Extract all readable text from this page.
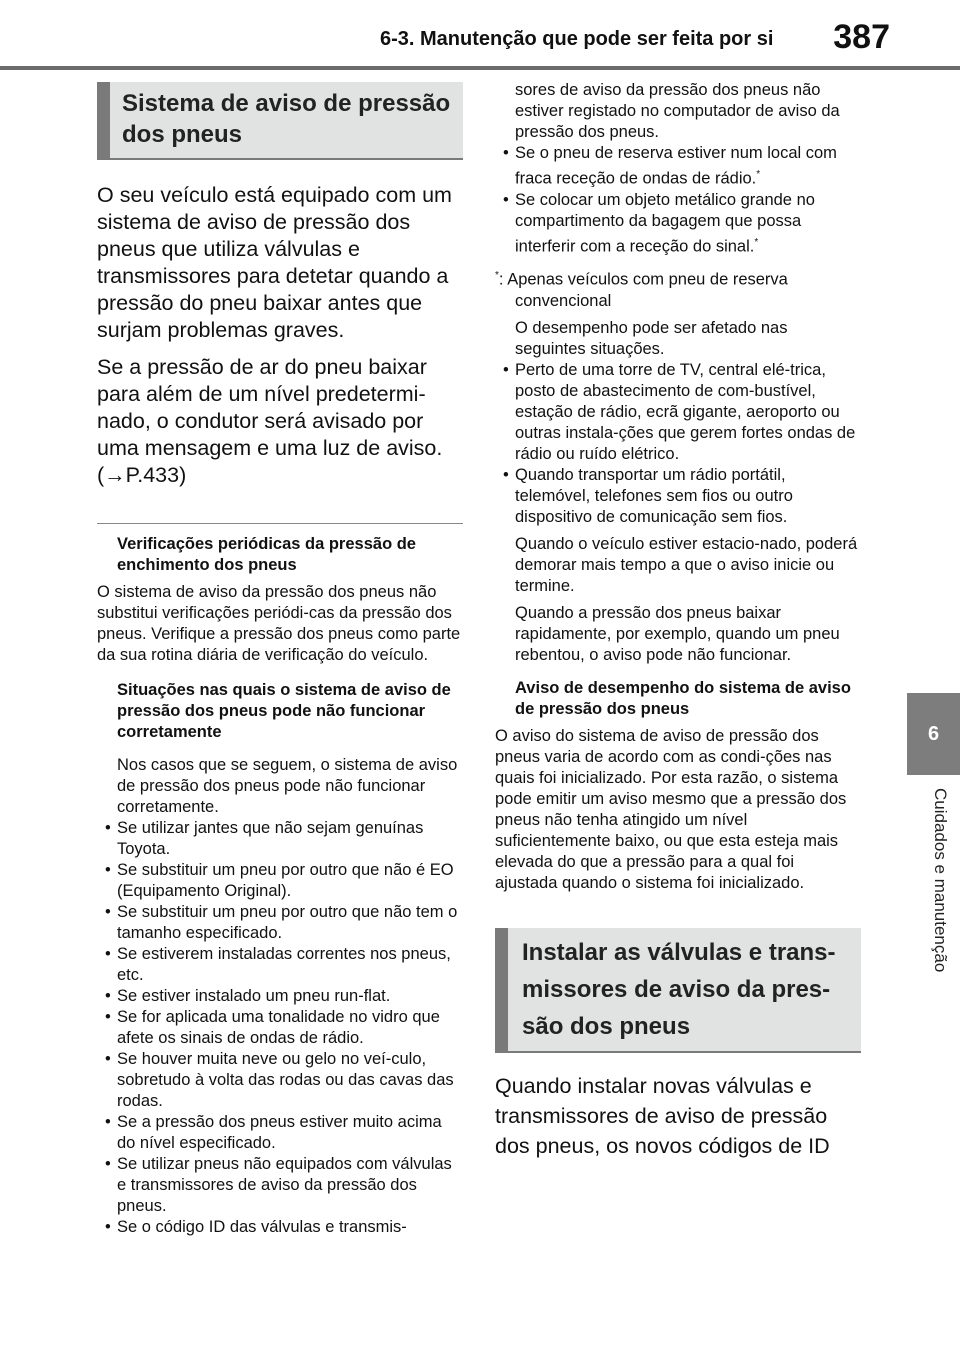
6-3. Manutenção que pode ser feita por si 387
6
Cuidados e manutenção
Sistema de aviso de pressão dos pneus

O seu veículo está equipado com um sistema de aviso de pressão dos pneus que utiliza válvulas e transmissores para detetar quando a pressão do pneu baixar antes que surjam problemas graves.

Se a pressão de ar do pneu baixar para além de um nível predetermi-nado, o condutor será avisado por uma mensagem e uma luz de aviso. (→P.433)

Verificações periódicas da pressão de enchimento dos pneus

O sistema de aviso da pressão dos pneus não substitui verificações periódi-cas da pressão dos pneus. Verifique a pressão dos pneus como parte da sua rotina diária de verificação do veículo.

Situações nas quais o sistema de aviso de pressão dos pneus pode não funcionar corretamente

Nos casos que se seguem, o sistema de aviso de pressão dos pneus pode não funcionar corretamente.

• Se utilizar jantes que não sejam genuínas Toyota.
• Se substituir um pneu por outro que não é EO (Equipamento Original).
• Se substituir um pneu por outro que não tem o tamanho especificado.
• Se estiverem instaladas correntes nos pneus, etc.
• Se estiver instalado um pneu run-flat.
• Se for aplicada uma tonalidade no vidro que afete os sinais de ondas de rádio.
• Se houver muita neve ou gelo no veí-culo, sobretudo à volta das rodas ou das cavas das rodas.
• Se a pressão dos pneus estiver muito acima do nível especificado.
• Se utilizar pneus não equipados com válvulas e transmissores de aviso da pressão dos pneus.
• Se o código ID das válvulas e transmis-

sores de aviso da pressão dos pneus não estiver registado no computador de aviso da pressão dos pneus.

• Se o pneu de reserva estiver num local com fraca receção de ondas de rádio.*
• Se colocar um objeto metálico grande no compartimento da bagagem que possa interferir com a receção do sinal.*

*: Apenas veículos com pneu de reserva convencional

O desempenho pode ser afetado nas seguintes situações.

• Perto de uma torre de TV, central elé-trica, posto de abastecimento de com-bustível, estação de rádio, ecrã gigante, aeroporto ou outras instala-ções que gerem fortes ondas de rádio ou ruído elétrico.
• Quando transportar um rádio portátil, telemóvel, telefones sem fios ou outro dispositivo de comunicação sem fios.

Quando o veículo estiver estacio-nado, poderá demorar mais tempo a que o aviso inicie ou termine.

Quando a pressão dos pneus baixar rapidamente, por exemplo, quando um pneu rebentou, o aviso pode não funcionar.

Aviso de desempenho do sistema de aviso de pressão dos pneus

O aviso do sistema de aviso de pressão dos pneus varia de acordo com as condi-ções nas quais foi inicializado. Por esta razão, o sistema pode emitir um aviso mesmo que a pressão dos pneus não tenha atingido um nível suficientemente baixo, ou que esta esteja mais elevada do que a pressão para a qual foi ajustada quando o sistema foi inicializado.

Instalar as válvulas e trans-missores de aviso da pres-são dos pneus

Quando instalar novas válvulas e transmissores de aviso de pressão dos pneus, os novos códigos de ID
